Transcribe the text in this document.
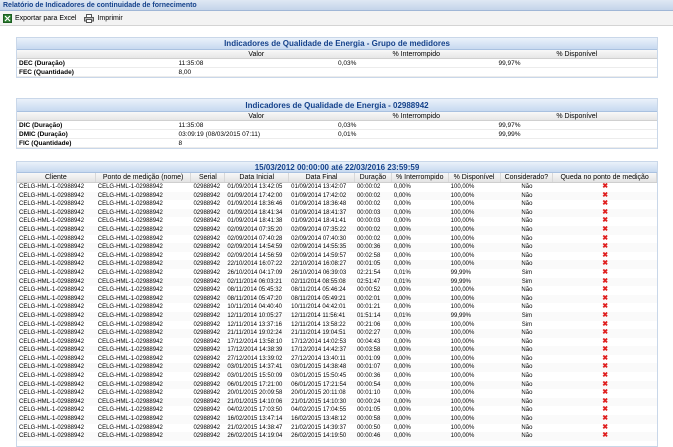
Relatório de Indicadores de continuidade de fornecimento
Exportar para Excel	Imprimir
Indicadores de Qualidade de Energia - Grupo de medidores
Valor	% Interrompido	% Disponível
DEC (Duração)	11:35:08	0,03%	99,97%
FEC (Quantidade)	8,00
Indicadores de Qualidade de Energia - 02988942
Valor	% Interrompido	% Disponível
DIC (Duração)	11:35:08	0,03%	99,97%
DMIC (Duração)	03:09:19 (08/03/2015 07:11)	0,01%	99,99%
FIC (Quantidade)	8
15/03/2012 00:00:00 até 22/03/2016 23:59:59
Cliente	Ponto de medição (nome)	Serial	Data Inicial	Data Final	Duração	% Interrompido	% Disponível	Considerado?	Queda no ponto de medição
CELG-HML-1-02988942	CELG-HML-1-02988942	02988942	01/09/2014 13:42:05	01/09/2014 13:42:07	00:00:02	0,00%	100,00%	Não	✖
CELG-HML-1-02988942	CELG-HML-1-02988942	02988942	01/09/2014 17:42:00	01/09/2014 17:42:02	00:00:02	0,00%	100,00%	Não	✖
CELG-HML-1-02988942	CELG-HML-1-02988942	02988942	01/09/2014 18:36:46	01/09/2014 18:36:48	00:00:02	0,00%	100,00%	Não	✖
CELG-HML-1-02988942	CELG-HML-1-02988942	02988942	01/09/2014 18:41:34	01/09/2014 18:41:37	00:00:03	0,00%	100,00%	Não	✖
CELG-HML-1-02988942	CELG-HML-1-02988942	02988942	01/09/2014 18:41:38	01/09/2014 18:41:41	00:00:03	0,00%	100,00%	Não	✖
CELG-HML-1-02988942	CELG-HML-1-02988942	02988942	02/09/2014 07:35:20	02/09/2014 07:35:22	00:00:02	0,00%	100,00%	Não	✖
CELG-HML-1-02988942	CELG-HML-1-02988942	02988942	02/09/2014 07:40:28	02/09/2014 07:40:30	00:00:02	0,00%	100,00%	Não	✖
CELG-HML-1-02988942	CELG-HML-1-02988942	02988942	02/09/2014 14:54:59	02/09/2014 14:55:35	00:00:36	0,00%	100,00%	Não	✖
CELG-HML-1-02988942	CELG-HML-1-02988942	02988942	02/09/2014 14:56:59	02/09/2014 14:59:57	00:02:58	0,00%	100,00%	Não	✖
CELG-HML-1-02988942	CELG-HML-1-02988942	02988942	22/10/2014 16:07:22	22/10/2014 16:08:27	00:01:05	0,00%	100,00%	Não	✖
CELG-HML-1-02988942	CELG-HML-1-02988942	02988942	26/10/2014 04:17:09	26/10/2014 06:39:03	02:21:54	0,01%	99,99%	Sim	✖
CELG-HML-1-02988942	CELG-HML-1-02988942	02988942	02/11/2014 06:03:21	02/11/2014 08:55:08	02:51:47	0,01%	99,99%	Sim	✖
CELG-HML-1-02988942	CELG-HML-1-02988942	02988942	08/11/2014 05:45:32	08/11/2014 05:46:24	00:00:52	0,00%	100,00%	Não	✖
CELG-HML-1-02988942	CELG-HML-1-02988942	02988942	08/11/2014 05:47:20	08/11/2014 05:49:21	00:02:01	0,00%	100,00%	Não	✖
CELG-HML-1-02988942	CELG-HML-1-02988942	02988942	10/11/2014 04:40:40	10/11/2014 04:42:01	00:01:21	0,00%	100,00%	Não	✖
CELG-HML-1-02988942	CELG-HML-1-02988942	02988942	12/11/2014 10:05:27	12/11/2014 11:56:41	01:51:14	0,01%	99,99%	Sim	✖
CELG-HML-1-02988942	CELG-HML-1-02988942	02988942	12/11/2014 13:37:16	12/11/2014 13:58:22	00:21:06	0,00%	100,00%	Sim	✖
CELG-HML-1-02988942	CELG-HML-1-02988942	02988942	21/11/2014 19:02:24	21/11/2014 19:04:51	00:02:27	0,00%	100,00%	Não	✖
CELG-HML-1-02988942	CELG-HML-1-02988942	02988942	17/12/2014 13:58:10	17/12/2014 14:02:53	00:04:43	0,00%	100,00%	Não	✖
CELG-HML-1-02988942	CELG-HML-1-02988942	02988942	17/12/2014 14:38:39	17/12/2014 14:42:37	00:03:58	0,00%	100,00%	Não	✖
CELG-HML-1-02988942	CELG-HML-1-02988942	02988942	27/12/2014 13:39:02	27/12/2014 13:40:11	00:01:09	0,00%	100,00%	Não	✖
CELG-HML-1-02988942	CELG-HML-1-02988942	02988942	03/01/2015 14:37:41	03/01/2015 14:38:48	00:01:07	0,00%	100,00%	Não	✖
CELG-HML-1-02988942	CELG-HML-1-02988942	02988942	03/01/2015 15:50:09	03/01/2015 15:50:45	00:00:36	0,00%	100,00%	Não	✖
CELG-HML-1-02988942	CELG-HML-1-02988942	02988942	06/01/2015 17:21:00	06/01/2015 17:21:54	00:00:54	0,00%	100,00%	Não	✖
CELG-HML-1-02988942	CELG-HML-1-02988942	02988942	20/01/2015 20:09:58	20/01/2015 20:11:08	00:01:10	0,00%	100,00%	Não	✖
CELG-HML-1-02988942	CELG-HML-1-02988942	02988942	21/01/2015 14:10:06	21/01/2015 14:10:30	00:00:24	0,00%	100,00%	Não	✖
CELG-HML-1-02988942	CELG-HML-1-02988942	02988942	04/02/2015 17:03:50	04/02/2015 17:04:55	00:01:05	0,00%	100,00%	Não	✖
CELG-HML-1-02988942	CELG-HML-1-02988942	02988942	16/02/2015 13:47:14	16/02/2015 13:48:12	00:00:58	0,00%	100,00%	Não	✖
CELG-HML-1-02988942	CELG-HML-1-02988942	02988942	21/02/2015 14:38:47	21/02/2015 14:39:37	00:00:50	0,00%	100,00%	Não	✖
CELG-HML-1-02988942	CELG-HML-1-02988942	02988942	26/02/2015 14:19:04	26/02/2015 14:19:50	00:00:46	0,00%	100,00%	Não	✖
